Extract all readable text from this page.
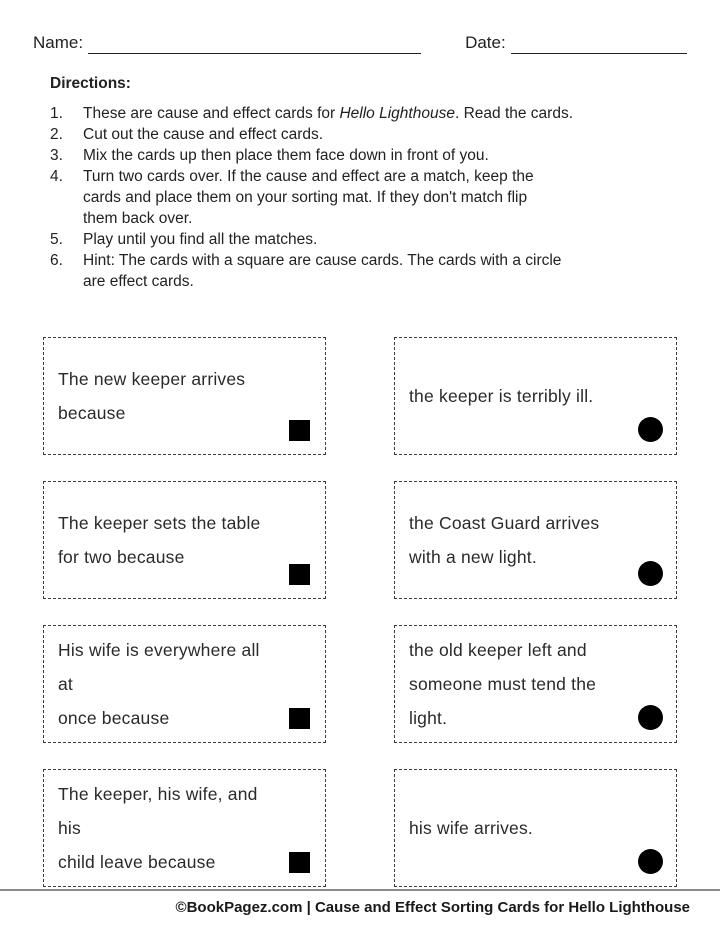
Name:	Date:
Directions:
1.	These are cause and effect cards for Hello Lighthouse. Read the cards.
2.	Cut out the cause and effect cards.
3.	Mix the cards up then place them face down in front of you.
4.	Turn two cards over. If the cause and effect are a match, keep the
cards and place them on your sorting mat. If they don't match flip
them back over.
5.	Play until you find all the matches.
6.	Hint: The cards with a square are cause cards. The cards with a circle
are effect cards.
The new keeper arrives
because
the keeper is terribly ill.
The keeper sets the table
for two because
the Coast Guard arrives
with a new light.
His wife is everywhere all at
once because
the old keeper left and
someone must tend the
light.
The keeper, his wife, and his
child leave because
his wife arrives.
©BookPagez.com | Cause and Effect Sorting Cards for Hello Lighthouse
